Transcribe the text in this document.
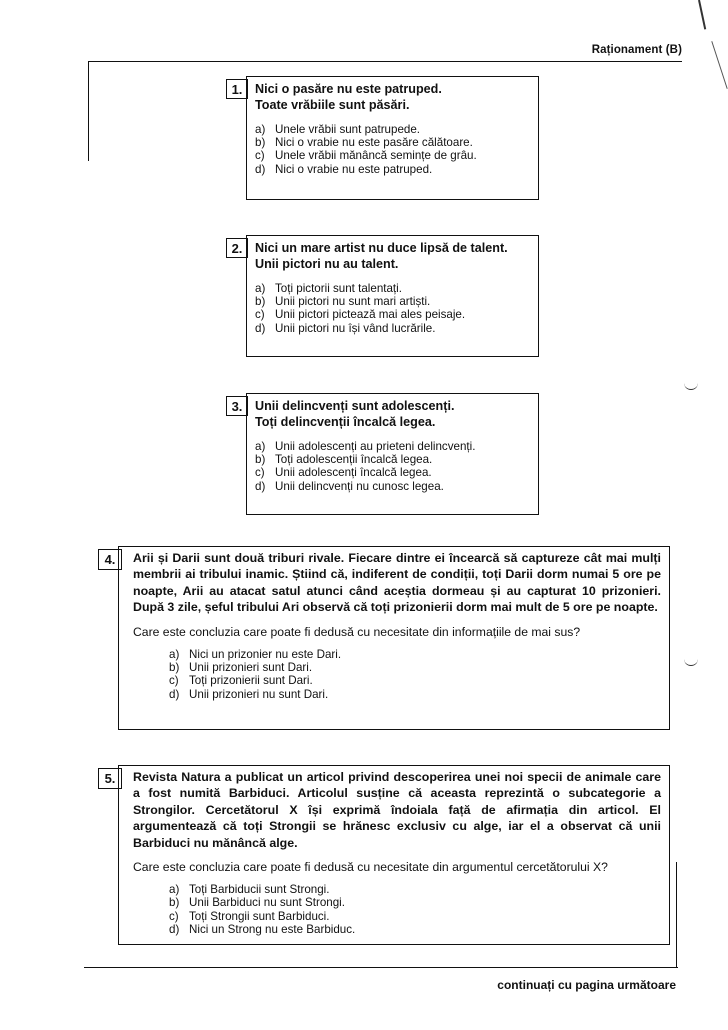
Raționament (B)
1. Nici o pasăre nu este patruped.

Toate vrăbiile sunt păsări.

a) Unele vrăbii sunt patrupede.
b) Nici o vrabie nu este pasăre călătoare.
c) Unele vrăbii mănâncă semințe de grâu.
d) Nici o vrabie nu este patruped.
2. Nici un mare artist nu duce lipsă de talent.

Unii pictori nu au talent.

a) Toți pictorii sunt talentați.
b) Unii pictori nu sunt mari artiști.
c) Unii pictori pictează mai ales peisaje.
d) Unii pictori nu își vând lucrările.
3. Unii delincvenți sunt adolescenți.

Toți delincvenții încalcă legea.

a) Unii adolescenți au prieteni delincvenți.
b) Toți adolescenții încalcă legea.
c) Unii adolescenți încalcă legea.
d) Unii delincvenți nu cunosc legea.
4.	Arii și Darii sunt două triburi rivale. Fiecare dintre ei încearcă să captureze cât mai mulți membrii ai tribului inamic. Știind că, indiferent de condiții, toți Darii dorm numai 5 ore pe noapte, Arii au atacat satul atunci când aceștia dormeau și au capturat 10 prizonieri. După 3 zile, șeful tribului Ari observă că toți prizonierii dorm mai mult de 5 ore pe noapte.

Care este concluzia care poate fi dedusă cu necesitate din informațiile de mai sus?
a) Nici un prizonier nu este Dari.
b) Unii prizonieri sunt Dari.
c) Toți prizonierii sunt Dari.
d) Unii prizonieri nu sunt Dari.
5.	Revista Natura a publicat un articol privind descoperirea unei noi specii de animale care a fost numită Barbiduci. Articolul susține că aceasta reprezintă o subcategorie a Strongilor. Cercetătorul X își exprimă îndoiala față de afirmația din articol. El argumentează că toți Strongii se hrănesc exclusiv cu alge, iar el a observat că unii Barbiduci nu mănâncă alge.

Care este concluzia care poate fi dedusă cu necesitate din argumentul cercetătorului X?
a) Toți Barbiducii sunt Strongi.
b) Unii Barbiduci nu sunt Strongi.
c) Toți Strongii sunt Barbiduci.
d) Nici un Strong nu este Barbiduc.
continuați cu pagina următoare
